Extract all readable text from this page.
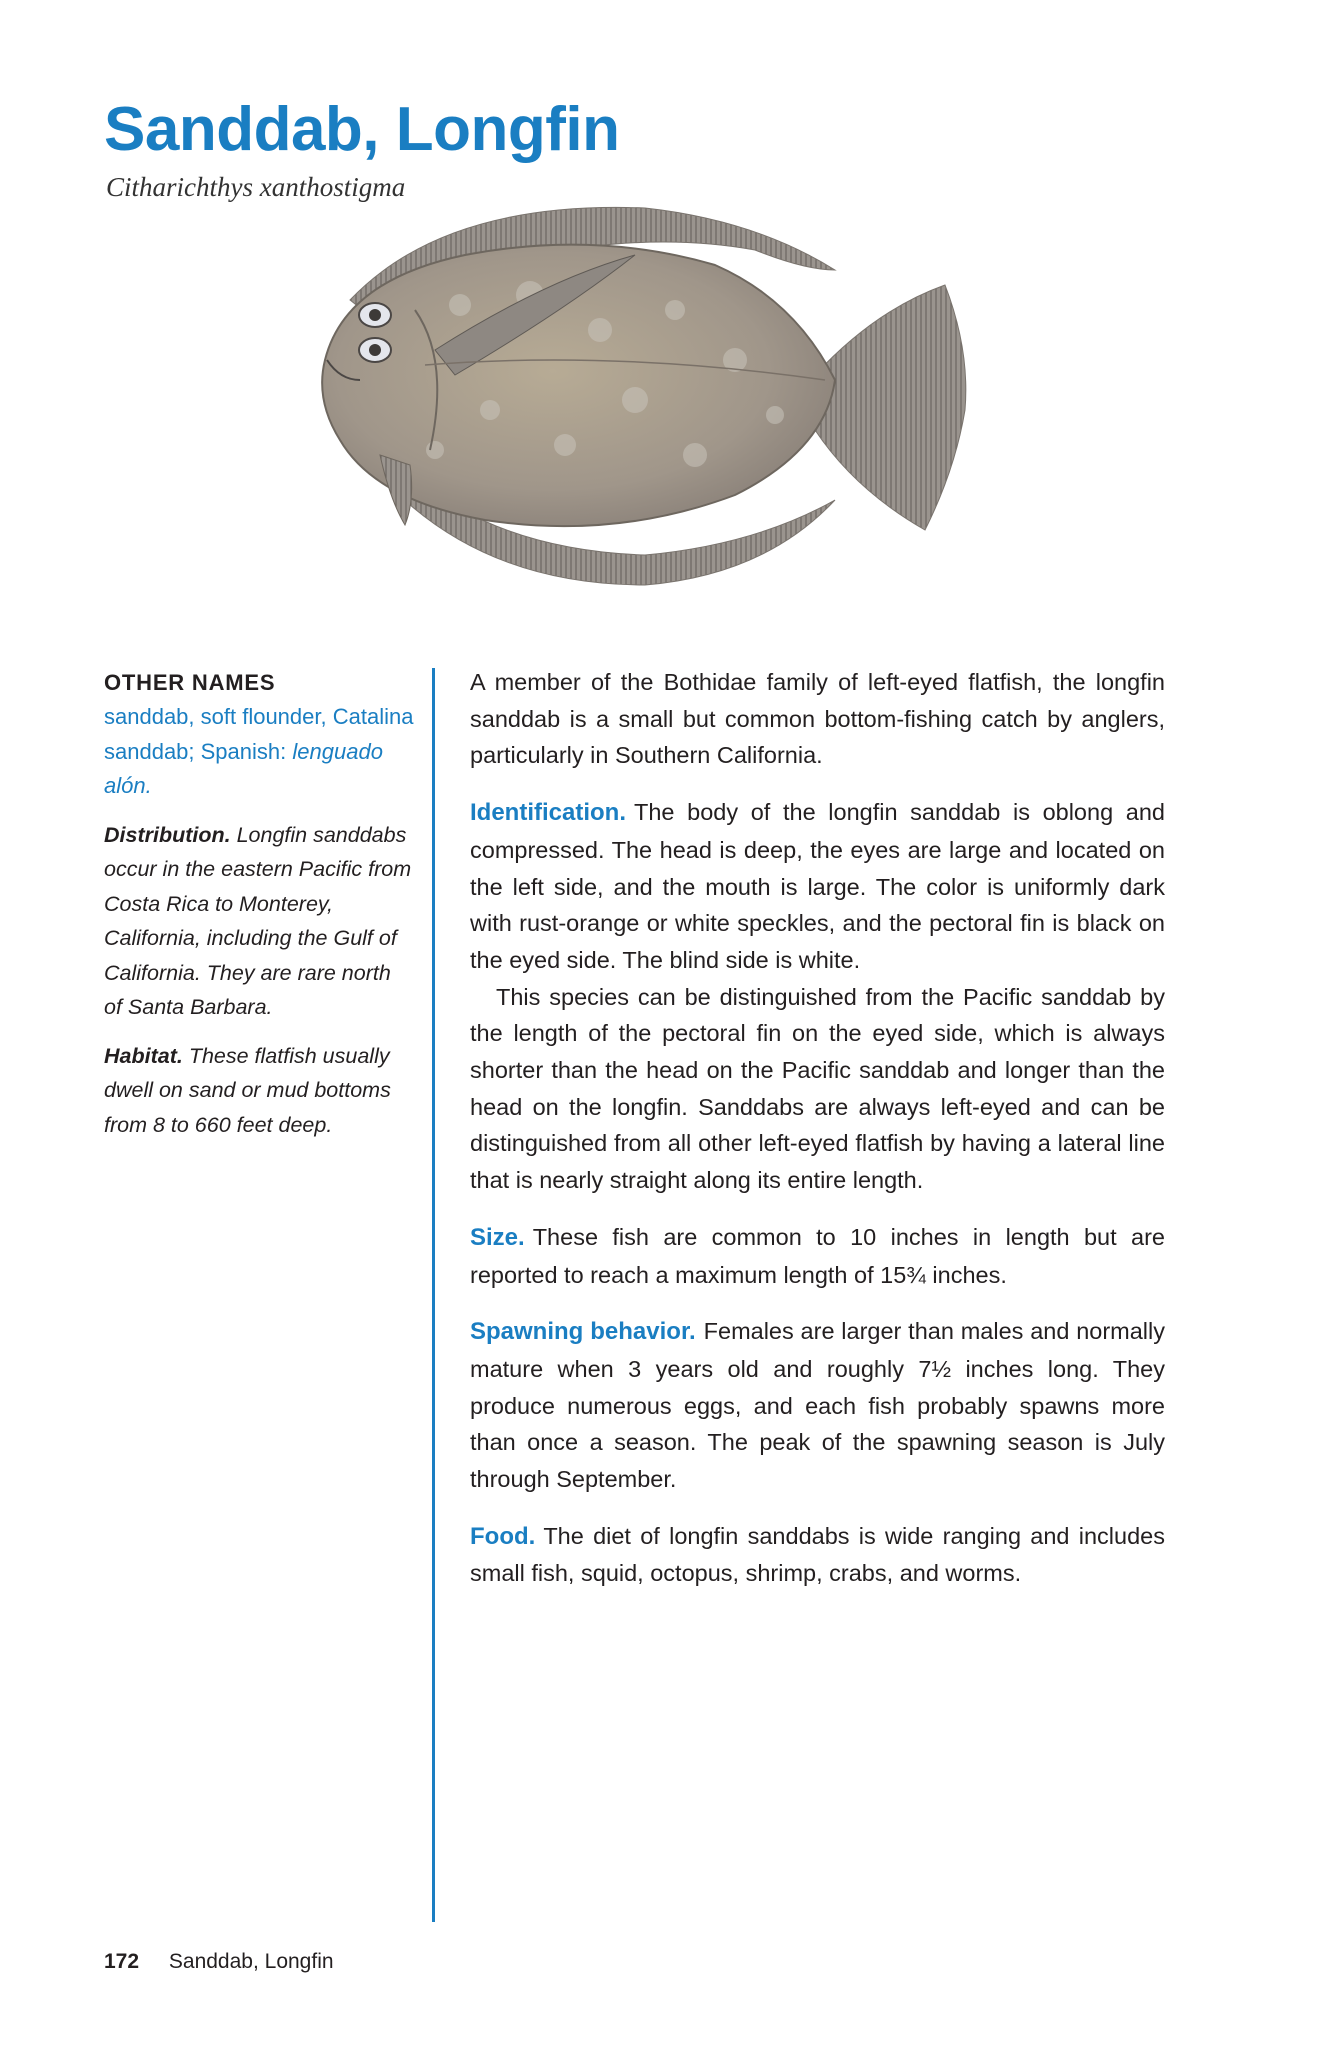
Sanddab, Longfin
Citharichthys xanthostigma
OTHER NAMES
sanddab, soft flounder, Catalina sanddab; Spanish: lenguado alón.
Distribution. Longfin sanddabs occur in the eastern Pacific from Costa Rica to Monterey, California, including the Gulf of California. They are rare north of Santa Barbara.
Habitat. These flatfish usually dwell on sand or mud bottoms from 8 to 660 feet deep.

A member of the Bothidae family of left-eyed flatfish, the longfin sanddab is a small but common bottom-fishing catch by anglers, particularly in Southern California.

Identification. The body of the longfin sanddab is oblong and compressed. The head is deep, the eyes are large and located on the left side, and the mouth is large. The color is uniformly dark with rust-orange or white speckles, and the pectoral fin is black on the eyed side. The blind side is white.

This species can be distinguished from the Pacific sanddab by the length of the pectoral fin on the eyed side, which is always shorter than the head on the Pacific sanddab and longer than the head on the longfin. Sanddabs are always left-eyed and can be distinguished from all other left-eyed flatfish by having a lateral line that is nearly straight along its entire length.

Size. These fish are common to 10 inches in length but are reported to reach a maximum length of 15¾ inches.

Spawning behavior. Females are larger than males and normally mature when 3 years old and roughly 7½ inches long. They produce numerous eggs, and each fish probably spawns more than once a season. The peak of the spawning season is July through September.

Food. The diet of longfin sanddabs is wide ranging and includes small fish, squid, octopus, shrimp, crabs, and worms.

172 Sanddab, Longfin
